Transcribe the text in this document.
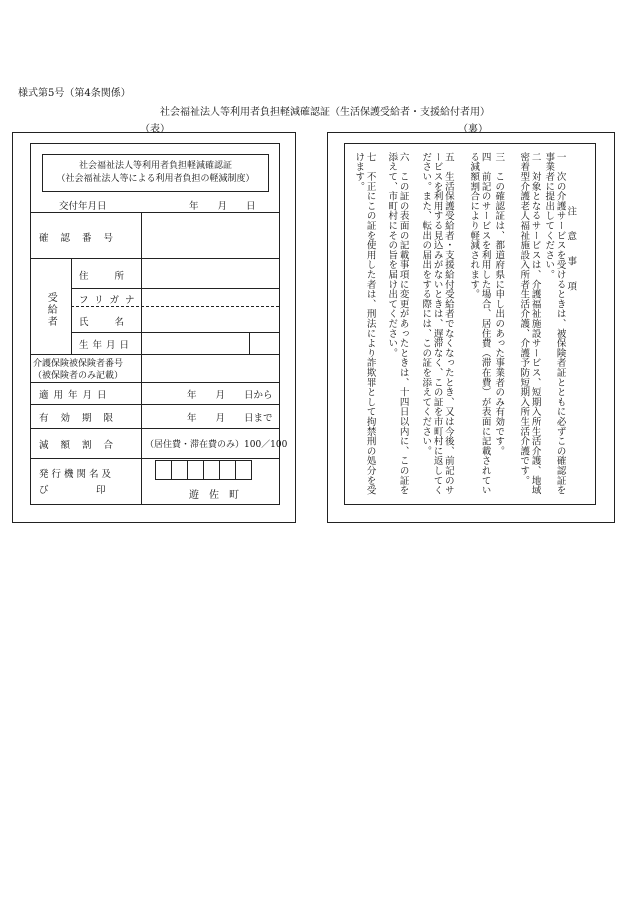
様式第5号（第4条関係）
社会福祉法人等利用者負担軽減確認証（生活保護受給者・支援給付者用）
（表）	（裏）
社会福祉法人等利用者負担軽減確認証
（社会福祉法人等による利用者負担の軽減制度）
交付年月日	年　　月　　日
確認番号
受給者
住所
フリガナ
氏名
生年月日
介護保険被保険者番号
（被保険者のみ記載）
適用年月日	年　　月　　日から
有効期限	年　　月　　日まで
減額割合 （居住費・滞在費のみ）100／100
発行機関名及
び　　　　　印	遊　佐　町
注　意　事　項
一　次の介護サービスを受けるときは、被保険者証とともに必ずこの確認証を事業者に提出してください。
二　対象となるサービスは、介護福祉施設サービス、短期入所生活介護、地域密着型介護老人福祉施設入所者生活介護、介護予防短期入所生活介護です。
三　この確認証は、都道府県に申し出のあった事業者のみ有効です。
四　前記のサービスを利用した場合、居住費（滞在費）が表面に記載されている減額割合により軽減されます。
五　生活保護受給者・支援給付受給者でなくなったとき、又は今後、前記のサービスを利用する見込みがないときは、遅滞なく、この証を市町村に返してください。また、転出の届出をする際には、この証を添えてください。
六　この証の表面の記載事項に変更があったときは、十四日以内に、この証を添えて、市町村にその旨を届け出てください。
七　不正にこの証を使用した者は、刑法により詐欺罪として拘禁刑の処分を受けます。
